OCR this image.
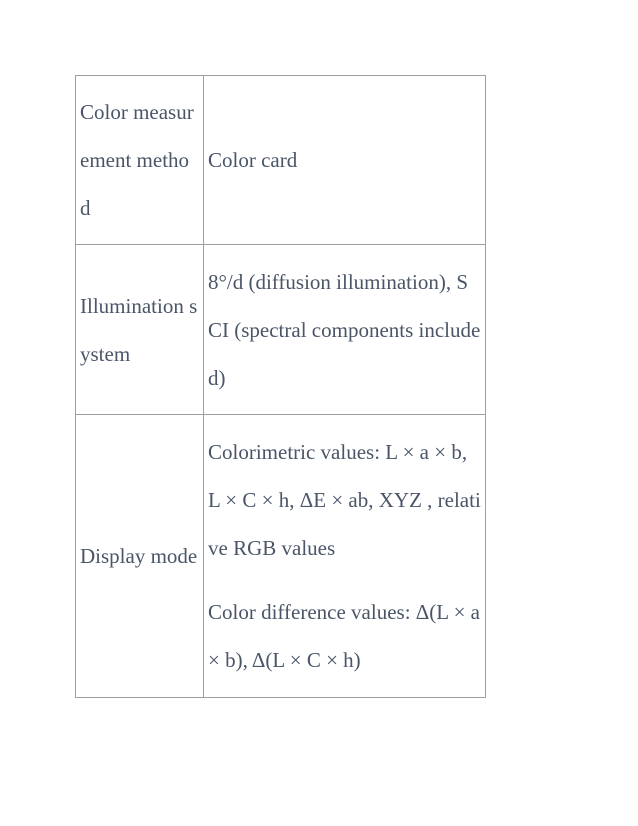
Color measurement method	Color card

Illumination system	8°/d (diffusion illumination), SCI (spectral components included)

Display mode	Colorimetric values: L × a × b, L × C × h, ΔE × ab, XYZ , relative RGB values
Color difference values: Δ(L × a × b), Δ(L × C × h)
